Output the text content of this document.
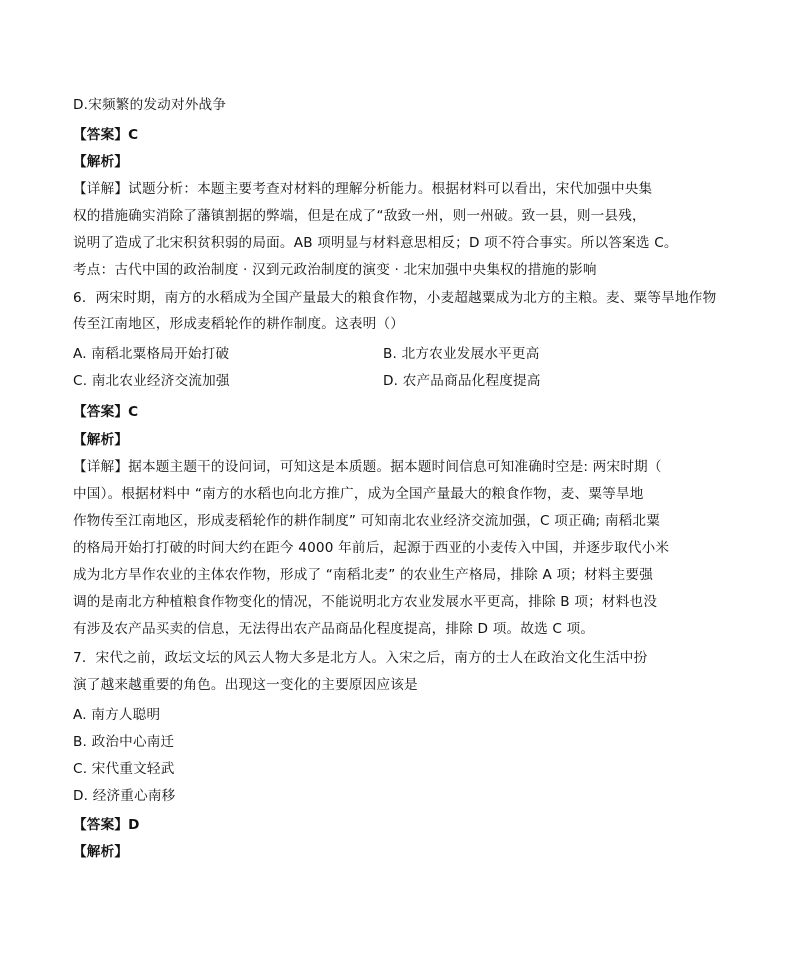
D.宋频繁的发动对外战争
【答案】C
【解析】
【详解】试题分析：本题主要考查对材料的理解分析能力。根据材料可以看出，宋代加强中央集
权的措施确实消除了藩镇割据的弊端，但是在成了“敌致一州，则一州破。致一县，则一县残，
说明了造成了北宋积贫积弱的局面。AB 项明显与材料意思相反；D 项不符合事实。所以答案选 C。
考点：古代中国的政治制度 · 汉到元政治制度的演变 · 北宋加强中央集权的措施的影响
6．两宋时期，南方的水稻成为全国产量最大的粮食作物，小麦超越粟成为北方的主粮。麦、粟等旱地作物
传至江南地区，形成麦稻轮作的耕作制度。这表明（）
A. 南稻北粟格局开始打破	B. 北方农业发展水平更高
C. 南北农业经济交流加强	D. 农产品商品化程度提高
【答案】C
【解析】
【详解】据本题主题干的设问词，可知这是本质题。据本题时间信息可知准确时空是: 两宋时期（
中国）。根据材料中 “南方的水稻也向北方推广，成为全国产量最大的粮食作物，麦、粟等旱地
作物传至江南地区，形成麦稻轮作的耕作制度” 可知南北农业经济交流加强，C 项正确; 南稻北粟
的格局开始打打破的时间大约在距今 4000 年前后，起源于西亚的小麦传入中国，并逐步取代小米
成为北方旱作农业的主体农作物，形成了 “南稻北麦” 的农业生产格局，排除 A 项；材料主要强
调的是南北方种植粮食作物变化的情况，不能说明北方农业发展水平更高，排除 B 项；材料也没
有涉及农产品买卖的信息，无法得出农产品商品化程度提高，排除 D 项。故选 C 项。
7．宋代之前，政坛文坛的风云人物大多是北方人。入宋之后，南方的士人在政治文化生活中扮
演了越来越重要的角色。出现这一变化的主要原因应该是
A. 南方人聪明
B. 政治中心南迁
C. 宋代重文轻武
D. 经济重心南移
【答案】D
【解析】
